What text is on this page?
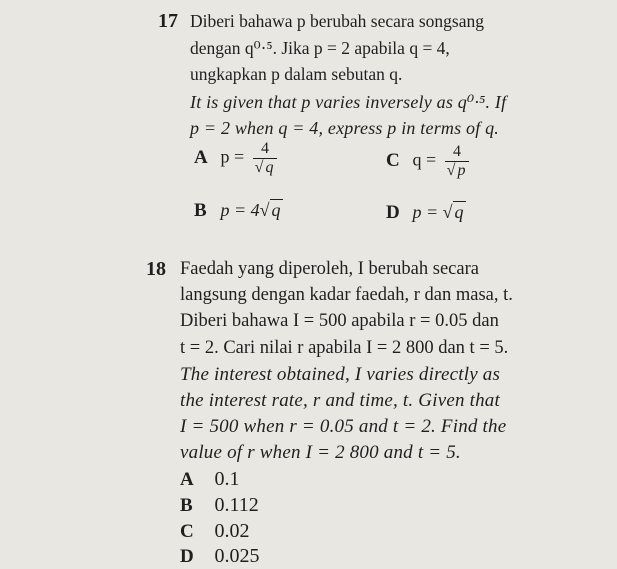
17 Diberi bahawa p berubah secara songsang
dengan q⁰·⁵. Jika p = 2 apabila q = 4,
ungkapkan p dalam sebutan q.
It is given that p varies inversely as q⁰·⁵. If
p = 2 when q = 4, express p in terms of q.
A $p = \frac{4}{√ q}$	C $q = \frac{4}{√ p}$
B p = 4√ q	D p = √ q
18 Faedah yang diperoleh, I berubah secara
langsung dengan kadar faedah, r dan masa, t.
Diberi bahawa I = 500 apabila r = 0.05 dan
t = 2. Cari nilai r apabila I = 2 800 dan t = 5.
The interest obtained, I varies directly as
the interest rate, r and time, t. Given that
I = 500 when r = 0.05 and t = 2. Find the
value of r when I = 2 800 and t = 5.
A 0.1
B 0.112
C 0.02
D 0.025
